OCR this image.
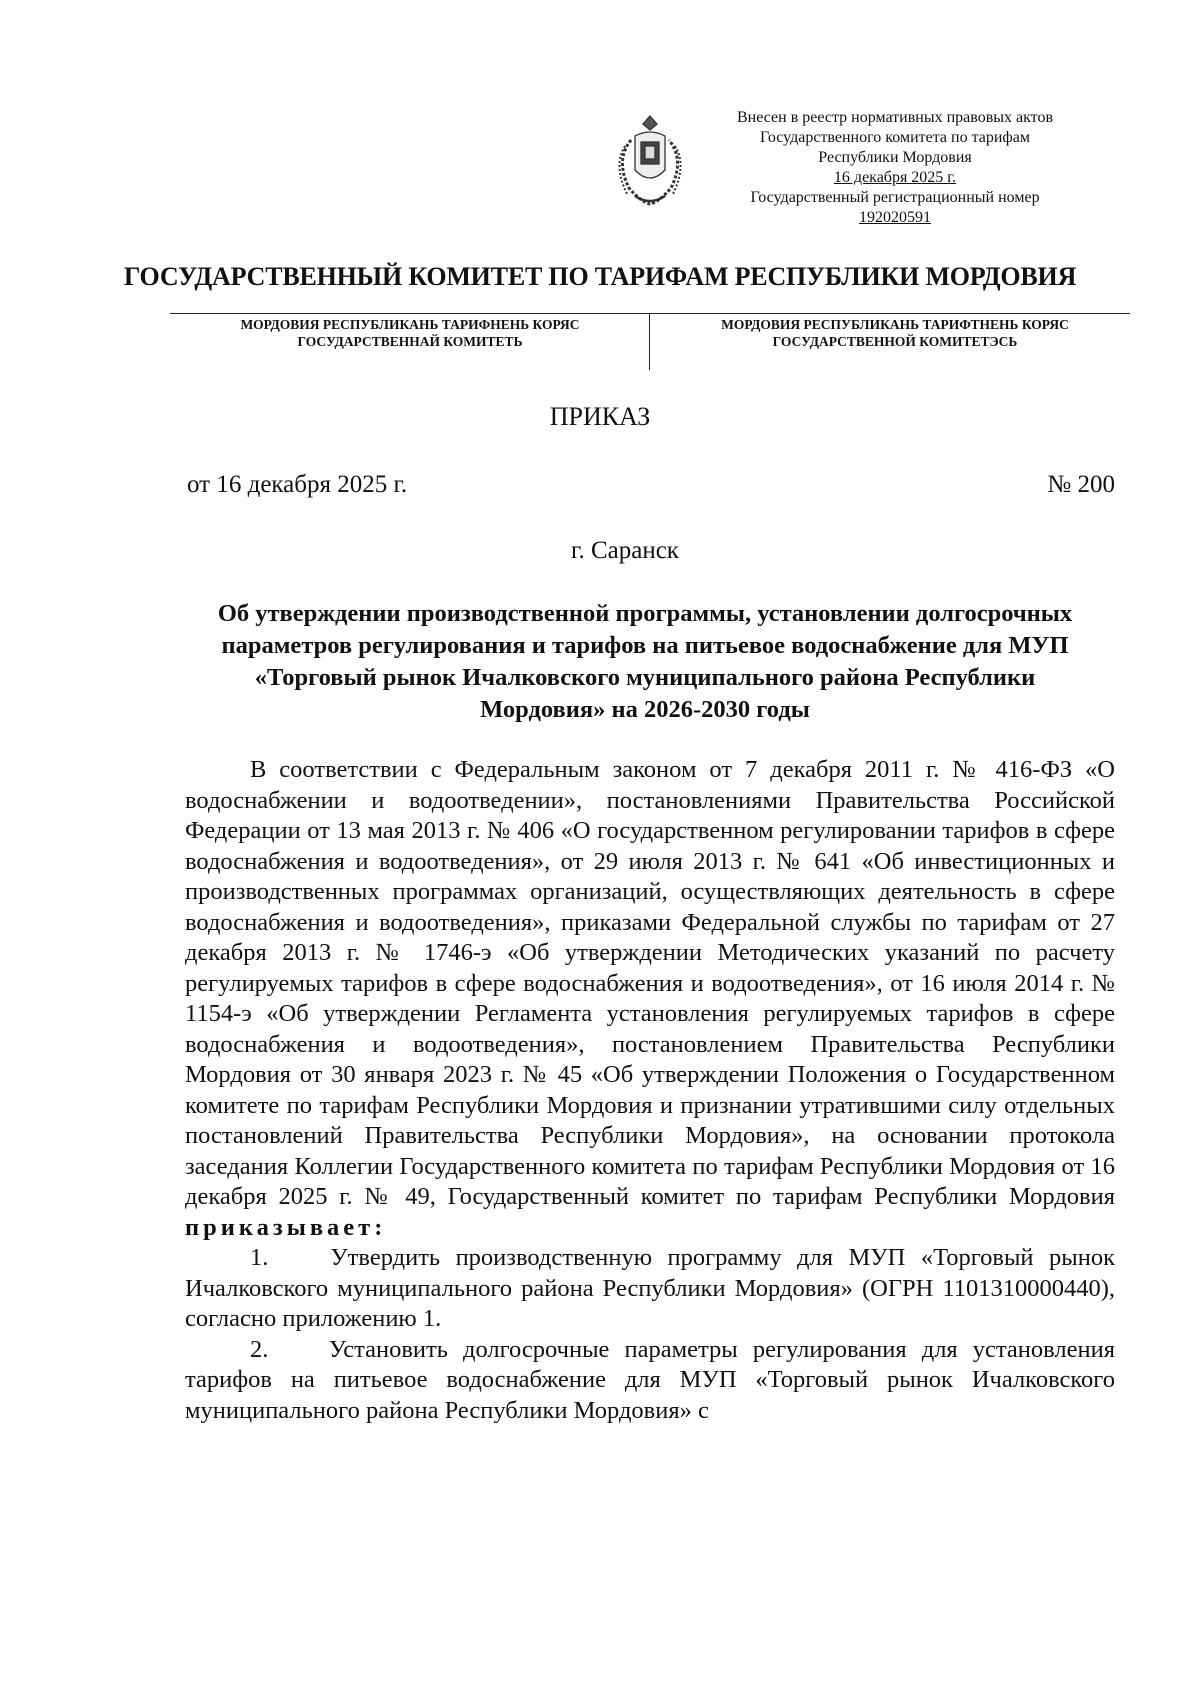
Внесен в реестр нормативных правовых актов
Государственного комитета по тарифам
Республики Мордовия
16 декабря 2025 г.
Государственный регистрационный номер
192020591
ГОСУДАРСТВЕННЫЙ КОМИТЕТ ПО ТАРИФАМ РЕСПУБЛИКИ МОРДОВИЯ
МОРДОВИЯ РЕСПУБЛИКАНЬ ТАРИФНЕНЬ КОРЯС
ГОСУДАРСТВЕННАЙ КОМИТЕТЬ
МОРДОВИЯ РЕСПУБЛИКАНЬ ТАРИФТНЕНЬ КОРЯС
ГОСУДАРСТВЕННОЙ КОМИТЕТЭСЬ
ПРИКАЗ
от 16 декабря 2025 г.	№ 200
г. Саранск
Об утверждении производственной программы, установлении долгосрочных параметров регулирования и тарифов на питьевое водоснабжение для МУП «Торговый рынок Ичалковского муниципального района Республики Мордовия» на 2026-2030 годы

В соответствии с Федеральным законом от 7 декабря 2011 г. № 416-ФЗ «О водоснабжении и водоотведении», постановлениями Правительства Российской Федерации от 13 мая 2013 г. № 406 «О государственном регулировании тарифов в сфере водоснабжения и водоотведения», от 29 июля 2013 г. № 641 «Об инвестиционных и производственных программах организаций, осуществляющих деятельность в сфере водоснабжения и водоотведения», приказами Федеральной службы по тарифам от 27 декабря 2013 г. № 1746-э «Об утверждении Методических указаний по расчету регулируемых тарифов в сфере водоснабжения и водоотведения», от 16 июля 2014 г. № 1154-э «Об утверждении Регламента установления регулируемых тарифов в сфере водоснабжения и водоотведения», постановлением Правительства Республики Мордовия от 30 января 2023 г. № 45 «Об утверждении Положения о Государственном комитете по тарифам Республики Мордовия и признании утратившими силу отдельных постановлений Правительства Республики Мордовия», на основании протокола заседания Коллегии Государственного комитета по тарифам Республики Мордовия от 16 декабря 2025 г. № 49, Государственный комитет по тарифам Республики Мордовия приказывает:

1.    Утвердить производственную программу для МУП «Торговый рынок Ичалковского муниципального района Республики Мордовия» (ОГРН 1101310000440), согласно приложению 1.

2.    Установить долгосрочные параметры регулирования для установления тарифов на питьевое водоснабжение для МУП «Торговый рынок Ичалковского муниципального района Республики Мордовия» с
